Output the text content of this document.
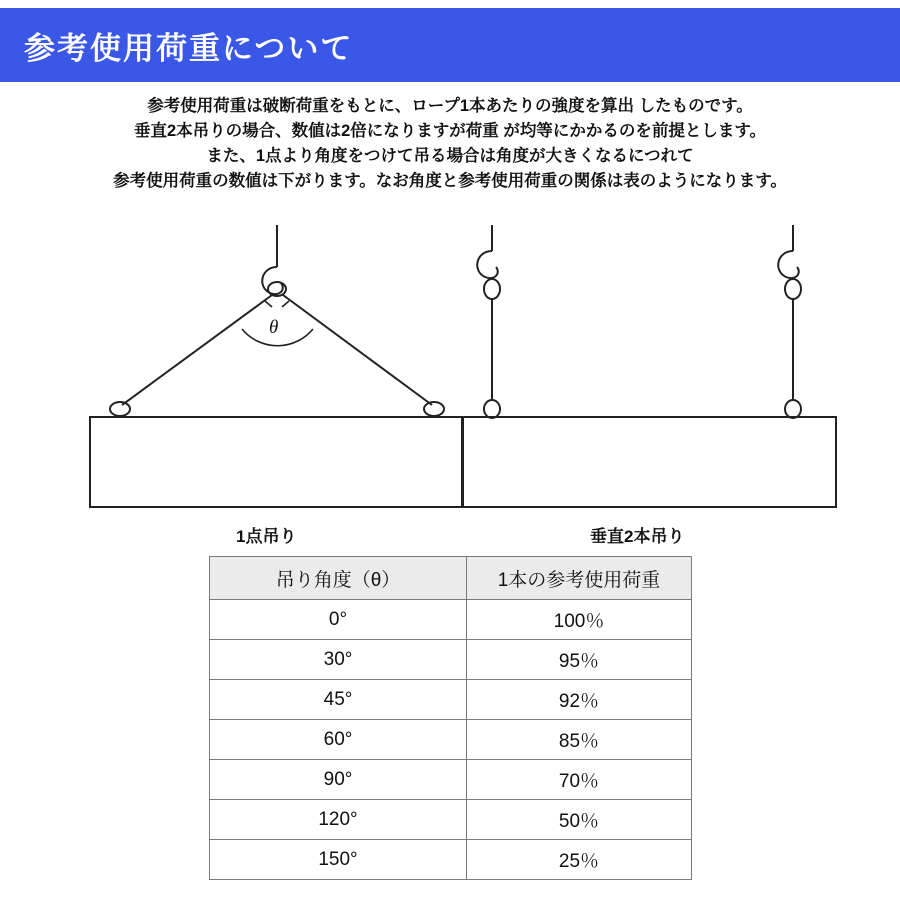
参考使用荷重について
参考使用荷重は破断荷重をもとに、ロープ1本あたりの強度を算出 したものです。
垂直2本吊りの場合、数値は2倍になりますが荷重 が均等にかかるのを前提とします。
また、1点より角度をつけて吊る場合は角度が大きくなるにつれて
参考使用荷重の数値は下がります。なお角度と参考使用荷重の関係は表のようになります。
θ
1点吊り	垂直2本吊り
吊り角度（θ）	1本の参考使用荷重
0°	100％
30°	95％
45°	92％
60°	85％
90°	70％
120°	50％
150°	25％
